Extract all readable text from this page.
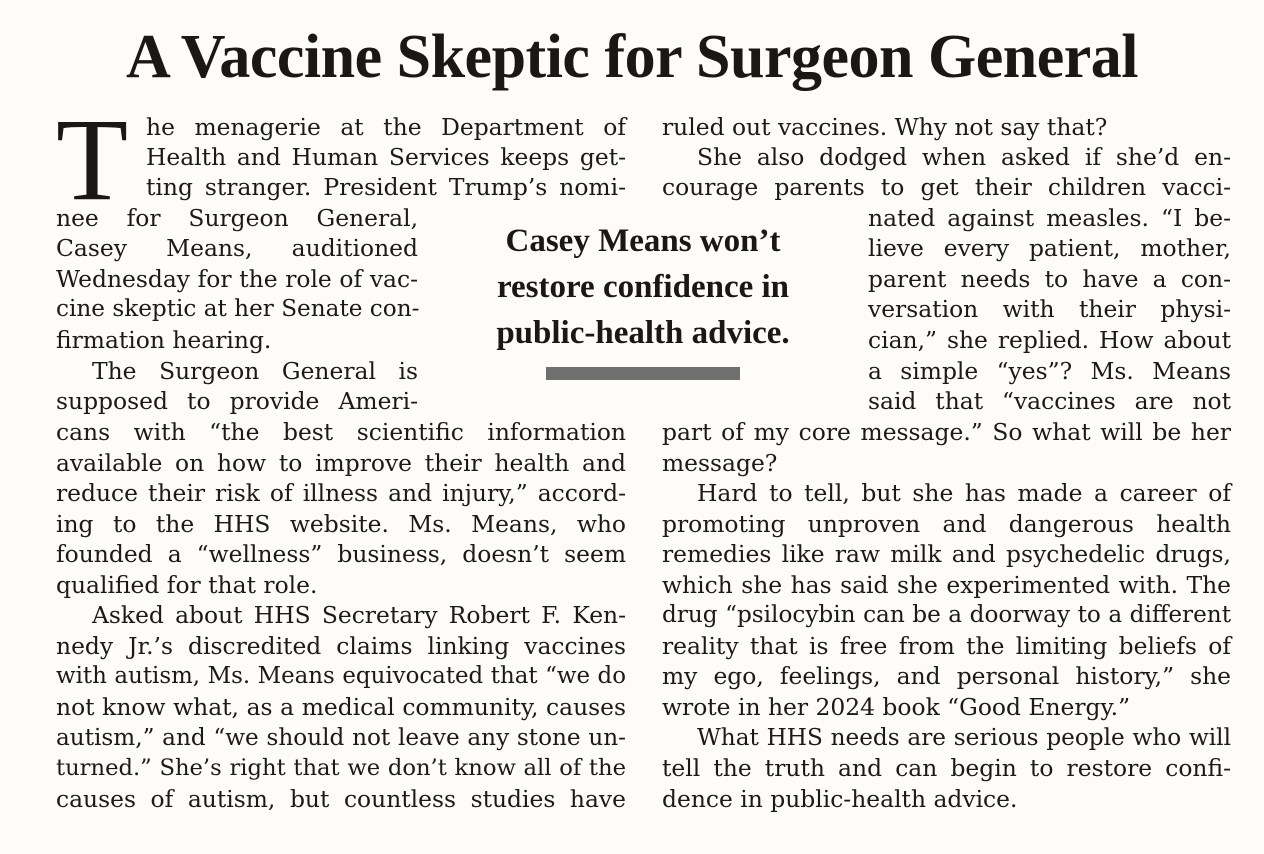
A Vaccine Skeptic for Surgeon General
T he menagerie at the Department of
Health and Human Services keeps get-
ting stranger. President Trump’s nomi-
nee for Surgeon General,
Casey Means, auditioned
Wednesday for the role of vac-
cine skeptic at her Senate con-
firmation hearing.
The Surgeon General is
supposed to provide Ameri-
cans with “the best scientific information
available on how to improve their health and
reduce their risk of illness and injury,” accord-
ing to the HHS website. Ms. Means, who
founded a “wellness” business, doesn’t seem
qualified for that role.
Asked about HHS Secretary Robert F. Ken-
nedy Jr.’s discredited claims linking vaccines
with autism, Ms. Means equivocated that “we do
not know what, as a medical community, causes
autism,” and “we should not leave any stone un-
turned.” She’s right that we don’t know all of the
causes of autism, but countless studies have
Casey Means won’t
restore confidence in
public-health advice.
ruled out vaccines. Why not say that?
She also dodged when asked if she’d en-
courage parents to get their children vacci-
nated against measles. “I be-
lieve every patient, mother,
parent needs to have a con-
versation with their physi-
cian,” she replied. How about
a simple “yes”? Ms. Means
said that “vaccines are not
part of my core message.” So what will be her
message?
Hard to tell, but she has made a career of
promoting unproven and dangerous health
remedies like raw milk and psychedelic drugs,
which she has said she experimented with. The
drug “psilocybin can be a doorway to a different
reality that is free from the limiting beliefs of
my ego, feelings, and personal history,” she
wrote in her 2024 book “Good Energy.”
What HHS needs are serious people who will
tell the truth and can begin to restore confi-
dence in public-health advice.
